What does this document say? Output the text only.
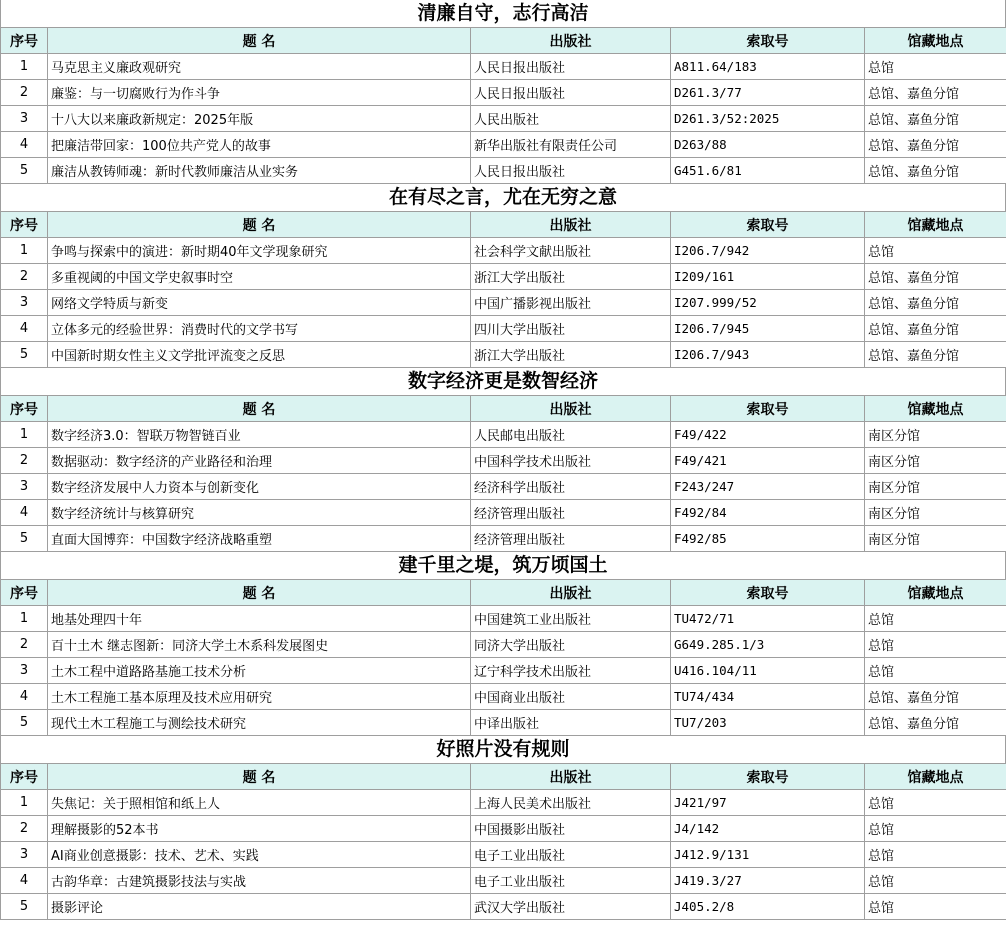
清廉自守，志行高洁
序号	题 名	出版社	索取号	馆藏地点
1	马克思主义廉政观研究	人民日报出版社	A811.64/183	总馆
2	廉鉴：与一切腐败行为作斗争	人民日报出版社	D261.3/77	总馆、嘉鱼分馆
3	十八大以来廉政新规定：2025年版	人民出版社	D261.3/52:2025	总馆、嘉鱼分馆
4	把廉洁带回家：100位共产党人的故事	新华出版社有限责任公司	D263/88	总馆、嘉鱼分馆
5	廉洁从教铸师魂：新时代教师廉洁从业实务	人民日报出版社	G451.6/81	总馆、嘉鱼分馆
在有尽之言，尤在无穷之意
序号	题 名	出版社	索取号	馆藏地点
1	争鸣与探索中的演进：新时期40年文学现象研究	社会科学文献出版社	I206.7/942	总馆
2	多重视阈的中国文学史叙事时空	浙江大学出版社	I209/161	总馆、嘉鱼分馆
3	网络文学特质与新变	中国广播影视出版社	I207.999/52	总馆、嘉鱼分馆
4	立体多元的经验世界：消费时代的文学书写	四川大学出版社	I206.7/945	总馆、嘉鱼分馆
5	中国新时期女性主义文学批评流变之反思	浙江大学出版社	I206.7/943	总馆、嘉鱼分馆
数字经济更是数智经济
序号	题 名	出版社	索取号	馆藏地点
1	数字经济3.0：智联万物智链百业	人民邮电出版社	F49/422	南区分馆
2	数据驱动：数字经济的产业路径和治理	中国科学技术出版社	F49/421	南区分馆
3	数字经济发展中人力资本与创新变化	经济科学出版社	F243/247	南区分馆
4	数字经济统计与核算研究	经济管理出版社	F492/84	南区分馆
5	直面大国博弈：中国数字经济战略重塑	经济管理出版社	F492/85	南区分馆
建千里之堤，筑万顷国土
序号	题 名	出版社	索取号	馆藏地点
1	地基处理四十年	中国建筑工业出版社	TU472/71	总馆
2	百十土木 继志图新：同济大学土木系科发展图史	同济大学出版社	G649.285.1/3	总馆
3	土木工程中道路路基施工技术分析	辽宁科学技术出版社	U416.104/11	总馆
4	土木工程施工基本原理及技术应用研究	中国商业出版社	TU74/434	总馆、嘉鱼分馆
5	现代土木工程施工与测绘技术研究	中译出版社	TU7/203	总馆、嘉鱼分馆
好照片没有规则
序号	题 名	出版社	索取号	馆藏地点
1	失焦记：关于照相馆和纸上人	上海人民美术出版社	J421/97	总馆
2	理解摄影的52本书	中国摄影出版社	J4/142	总馆
3	AI商业创意摄影：技术、艺术、实践	电子工业出版社	J412.9/131	总馆
4	古韵华章：古建筑摄影技法与实战	电子工业出版社	J419.3/27	总馆
5	摄影评论	武汉大学出版社	J405.2/8	总馆
